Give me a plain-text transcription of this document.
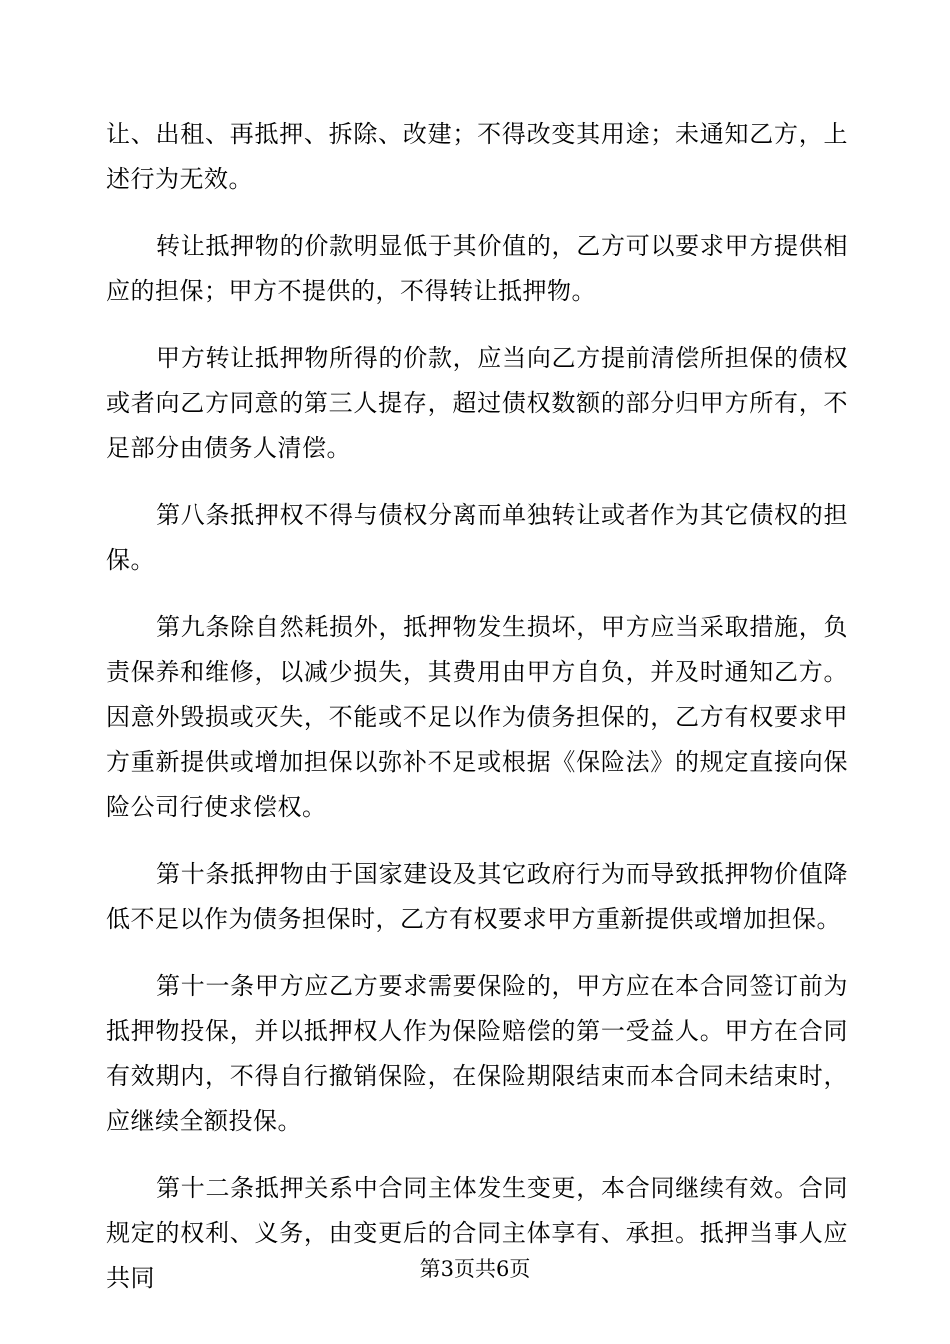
让、出租、再抵押、拆除、改建；不得改变其用途；未通知乙方，上述行为无效。

转让抵押物的价款明显低于其价值的，乙方可以要求甲方提供相应的担保；甲方不提供的，不得转让抵押物。

甲方转让抵押物所得的价款，应当向乙方提前清偿所担保的债权或者向乙方同意的第三人提存，超过债权数额的部分归甲方所有，不足部分由债务人清偿。

第八条抵押权不得与债权分离而单独转让或者作为其它债权的担保。

第九条除自然耗损外，抵押物发生损坏，甲方应当采取措施，负责保养和维修，以减少损失，其费用由甲方自负，并及时通知乙方。因意外毁损或灭失，不能或不足以作为债务担保的，乙方有权要求甲方重新提供或增加担保以弥补不足或根据《保险法》的规定直接向保险公司行使求偿权。

第十条抵押物由于国家建设及其它政府行为而导致抵押物价值降低不足以作为债务担保时，乙方有权要求甲方重新提供或增加担保。

第十一条甲方应乙方要求需要保险的，甲方应在本合同签订前为抵押物投保，并以抵押权人作为保险赔偿的第一受益人。甲方在合同有效期内，不得自行撤销保险，在保险期限结束而本合同未结束时，应继续全额投保。

第十二条抵押关系中合同主体发生变更，本合同继续有效。合同规定的权利、义务，由变更后的合同主体享有、承担。抵押当事人应共同	第3页共6页
